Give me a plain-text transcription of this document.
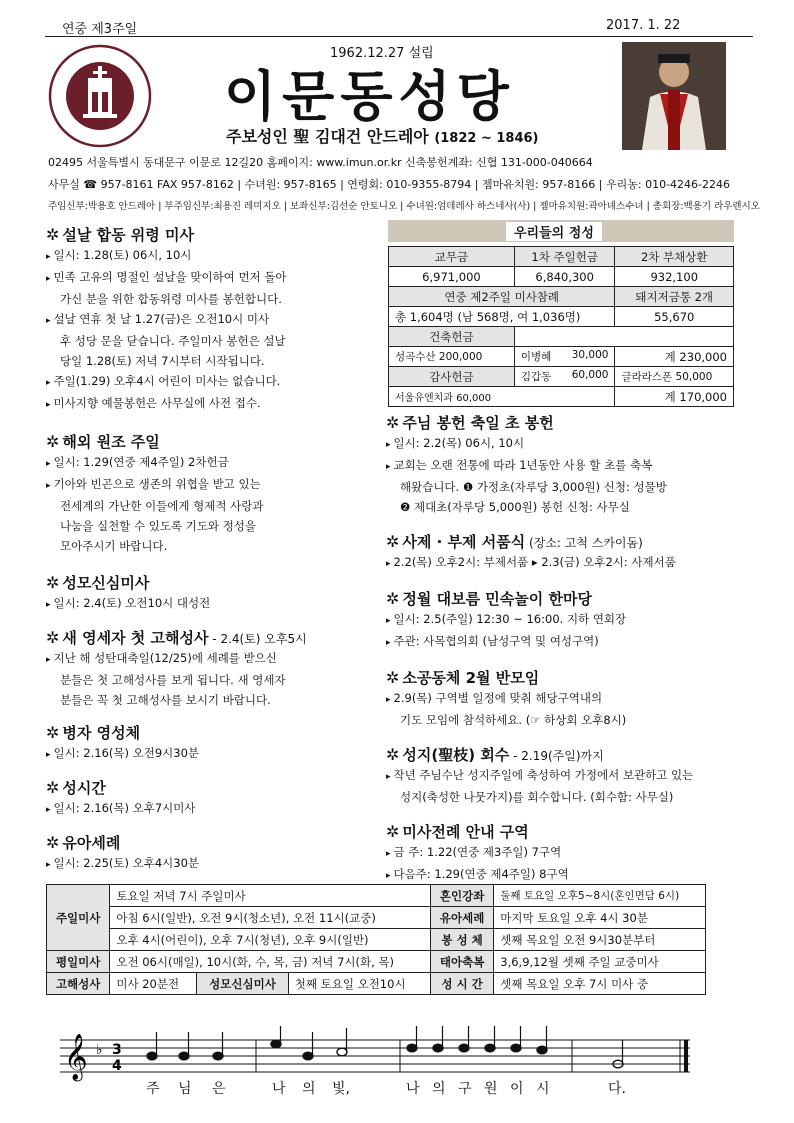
연중 제3주일	2017. 1. 22
1962.12.27 설립
이문동성당
주보성인 聖 김대건 안드레아 (1822 ~ 1846)
02495 서울특별시 동대문구 이문로 12길20 홈페이지: www.imun.or.kr 신축봉헌계좌: 신협 131-000-040664
사무실 ☎ 957-8161 FAX 957-8162 | 수녀원: 957-8165 | 연령회: 010-9355-8794 | 젬마유치원: 957-8166 | 우리농: 010-4246-2246
주임신부:박용호 안드레아 | 부주임신부:최용진 레미지오 | 보좌신부:김선순 안토니오 | 수녀원:엄데레사 하스네사(사) | 젬마유치원:곽아녜스수녀 | 총회장:백용기 라우렌시오
✲ 설날 합동 위령 미사
▸ 일시: 1.28(토) 06시, 10시
▸ 민족 고유의 명절인 설날을 맞이하여 먼저 돌아
가신 분을 위한 합동위령 미사를 봉헌합니다.
▸ 설날 연휴 첫 날 1.27(금)은 오전10시 미사
후 성당 문을 닫습니다. 주일미사 봉헌은 설날
당일 1.28(토) 저녁 7시부터 시작됩니다.
▸ 주일(1.29) 오후4시 어린이 미사는 없습니다.
▸ 미사지향 예물봉헌은 사무실에 사전 접수.
✲ 해외 원조 주일
▸ 일시: 1.29(연중 제4주일) 2차헌금
▸ 기아와 빈곤으로 생존의 위협을 받고 있는
전세계의 가난한 이들에게 형제적 사랑과
나눔을 실천할 수 있도록 기도와 정성을
모아주시기 바랍니다.
✲ 성모신심미사
▸ 일시: 2.4(토) 오전10시 대성전
✲ 새 영세자 첫 고해성사 - 2.4(토) 오후5시
▸ 지난 해 성탄대축일(12/25)에 세례를 받으신
분들은 첫 고해성사를 보게 됩니다. 새 영세자
분들은 꼭 첫 고해성사를 보시기 바랍니다.
✲ 병자 영성체
▸ 일시: 2.16(목) 오전9시30분
✲ 성시간
▸ 일시: 2.16(목) 오후7시미사
✲ 유아세례
▸ 일시: 2.25(토) 오후4시30분
우리들의 정성
교무금	1차 주일헌금	2차 부채상환
6,971,000	6,840,300	932,100
연중 제2주일 미사참례		돼지저금통 2개
총 1,604명 (남 568명, 여 1,036명)		55,670
건축헌금		
성곡수산 200,000	이병혜 30,000	계 230,000
감사헌금	김갑동 60,000	글라라스폰 50,000
서울유엔치과 60,000		계 170,000
✲ 주님 봉헌 축일 초 봉헌
▸ 일시: 2.2(목) 06시, 10시
▸ 교회는 오랜 전통에 따라 1년동안 사용 할 초를 축복
해왔습니다. ❶ 가정초(자루당 3,000원) 신청: 성물방
❷ 제대초(자루당 5,000원) 봉헌 신청: 사무실
✲ 사제 · 부제 서품식 (장소: 고척 스카이돔)
▸ 2.2(목) 오후2시: 부제서품 ▸ 2.3(금) 오후2시: 사제서품
✲ 정월 대보름 민속놀이 한마당
▸ 일시: 2.5(주일) 12:30 ~ 16:00. 지하 연회장
▸ 주관: 사목협의회 (남성구역 및 여성구역)
✲ 소공동체 2월 반모임
▸ 2.9(목) 구역별 일정에 맞춰 해당구역내의
기도 모임에 참석하세요. (☞ 하상회 오후8시)
✲ 성지(聖枝) 회수 - 2.19(주일)까지
▸ 작년 주님수난 성지주일에 축성하여 가정에서 보관하고 있는
성지(축성한 나뭇가지)를 회수합니다. (회수함: 사무실)
✲ 미사전례 안내 구역
▸ 금 주: 1.22(연중 제3주일) 7구역
▸ 다음주: 1.29(연중 제4주일) 8구역
주일미사	토요일 저녁 7시 주일미사			혼인강좌	둘째 토요일 오후5~8시(혼인면담 6시)
	아침 6시(일반), 오전 9시(청소년), 오전 11시(교중)			유아세례	마지막 토요일 오후 4시 30분
	오후 4시(어린이), 오후 7시(청년), 오후 9시(일반)			봉 성 체	셋째 목요일 오전 9시30분부터
평일미사	오전 06시(매일), 10시(화, 수, 목, 금) 저녁 7시(화, 목)			태아축복	3,6,9,12월 셋째 주일 교중미사
고해성사	미사 20분전	성모신심미사	첫째 토요일 오전10시	성 시 간	셋째 목요일 오후 7시 미사 중
𝄞 ♭ 3
4
주 님 은	나 의 빛,	나 의 구 원 이 시	다.
